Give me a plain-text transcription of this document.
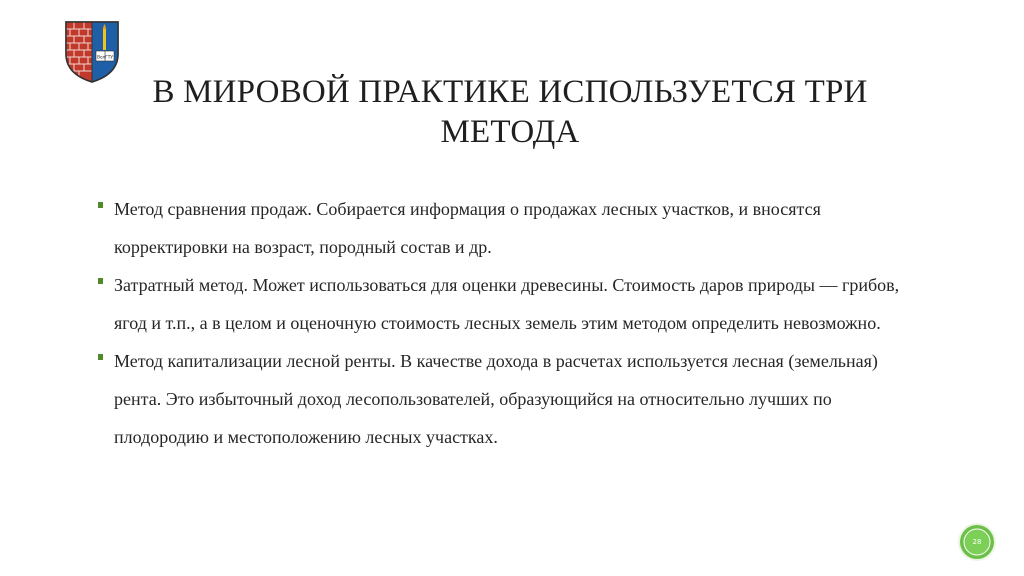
ВолГТУ
В МИРОВОЙ ПРАКТИКЕ ИСПОЛЬЗУЕТСЯ ТРИ МЕТОДА
Метод сравнения продаж. Собирается информация о продажах лесных участков, и вносятся корректировки на возраст, породный состав и др.
Затратный метод. Может использоваться для оценки древесины. Стоимость даров природы — грибов, ягод и т.п., а в целом и оценочную стоимость лесных земель этим методом определить невозможно.
Метод капитализации лесной ренты. В качестве дохода в расчетах используется лесная (земельная) рента. Это избыточный доход лесопользователей, образующийся на относительно лучших по плодородию и местоположению лесных участках.
28
